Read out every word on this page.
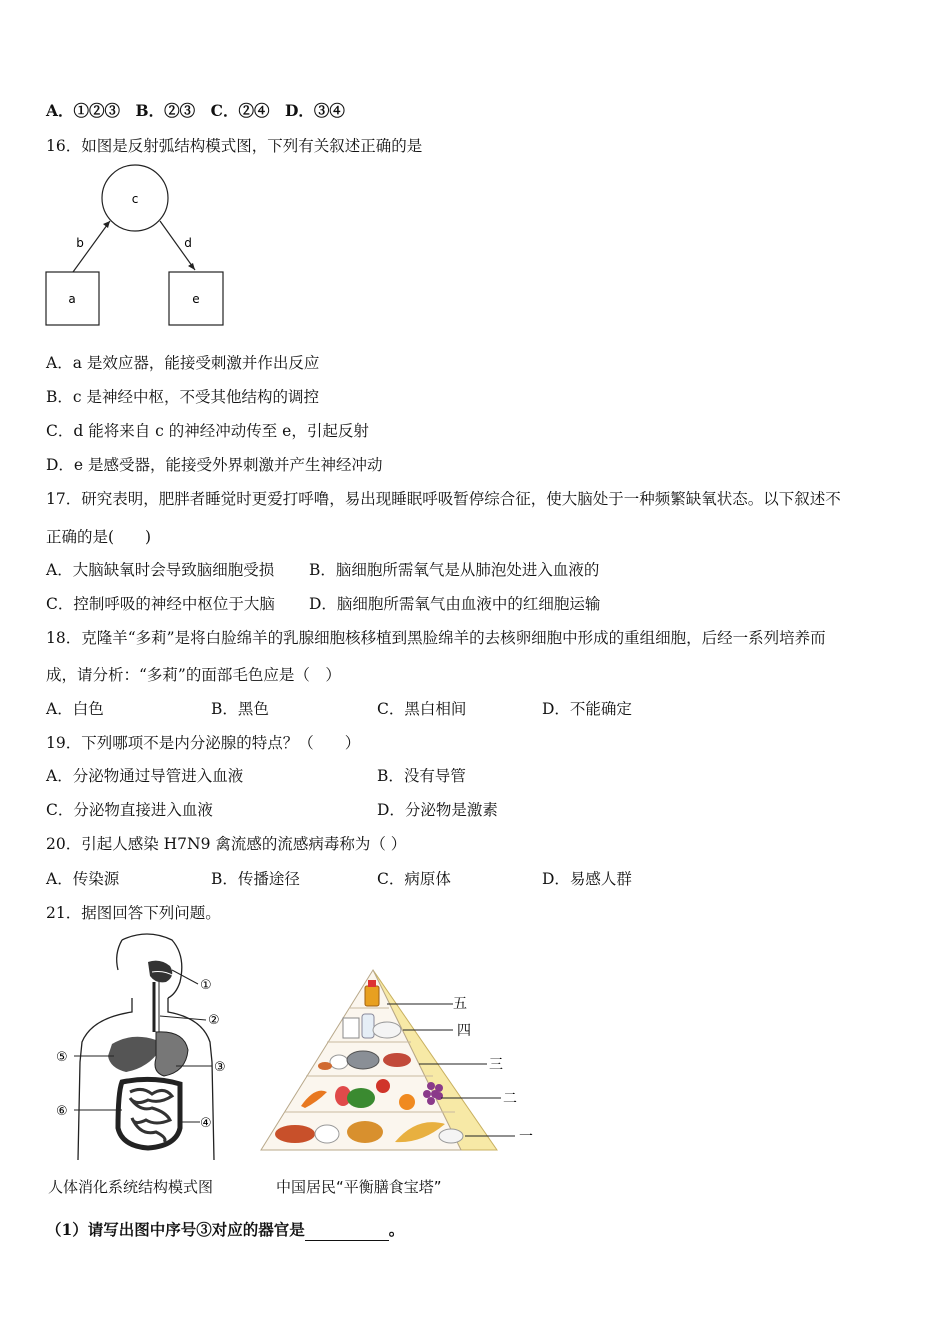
A．①②③　B．②③　C．②④　D．③④
16．如图是反射弧结构模式图，下列有关叙述正确的是
c
a	e
b	d
A．a 是效应器，能接受刺激并作出反应
B．c 是神经中枢，不受其他结构的调控
C．d 能将来自 c 的神经冲动传至 e，引起反射
D．e 是感受器，能接受外界刺激并产生神经冲动
17．研究表明，肥胖者睡觉时更爱打呼噜，易出现睡眠呼吸暂停综合征，使大脑处于一种频繁缺氧状态。以下叙述不
正确的是(　　)
A．大脑缺氧时会导致脑细胞受损 B．脑细胞所需氧气是从肺泡处进入血液的
C．控制呼吸的神经中枢位于大脑 D．脑细胞所需氧气由血液中的红细胞运输
18．克隆羊“多莉”是将白脸绵羊的乳腺细胞核移植到黑脸绵羊的去核卵细胞中形成的重组细胞，后经一系列培养而
成，请分析：“多莉”的面部毛色应是（　）
A．白色	B．黑色	C．黑白相间	D．不能确定
19．下列哪项不是内分泌腺的特点？（　　）
A．分泌物通过导管进入血液	B．没有导管
C．分泌物直接进入血液	D．分泌物是激素
20．引起人感染 H7N9 禽流感的流感病毒称为（ ）
A．传染源	B．传播途径	C．病原体	D．易感人群
21．据图回答下列问题。
①
②
③
④
⑤
⑥
五
四
三
二
一
人体消化系统结构模式图	中国居民“平衡膳食宝塔”
（1）请写出图中序号③对应的器官是	。
